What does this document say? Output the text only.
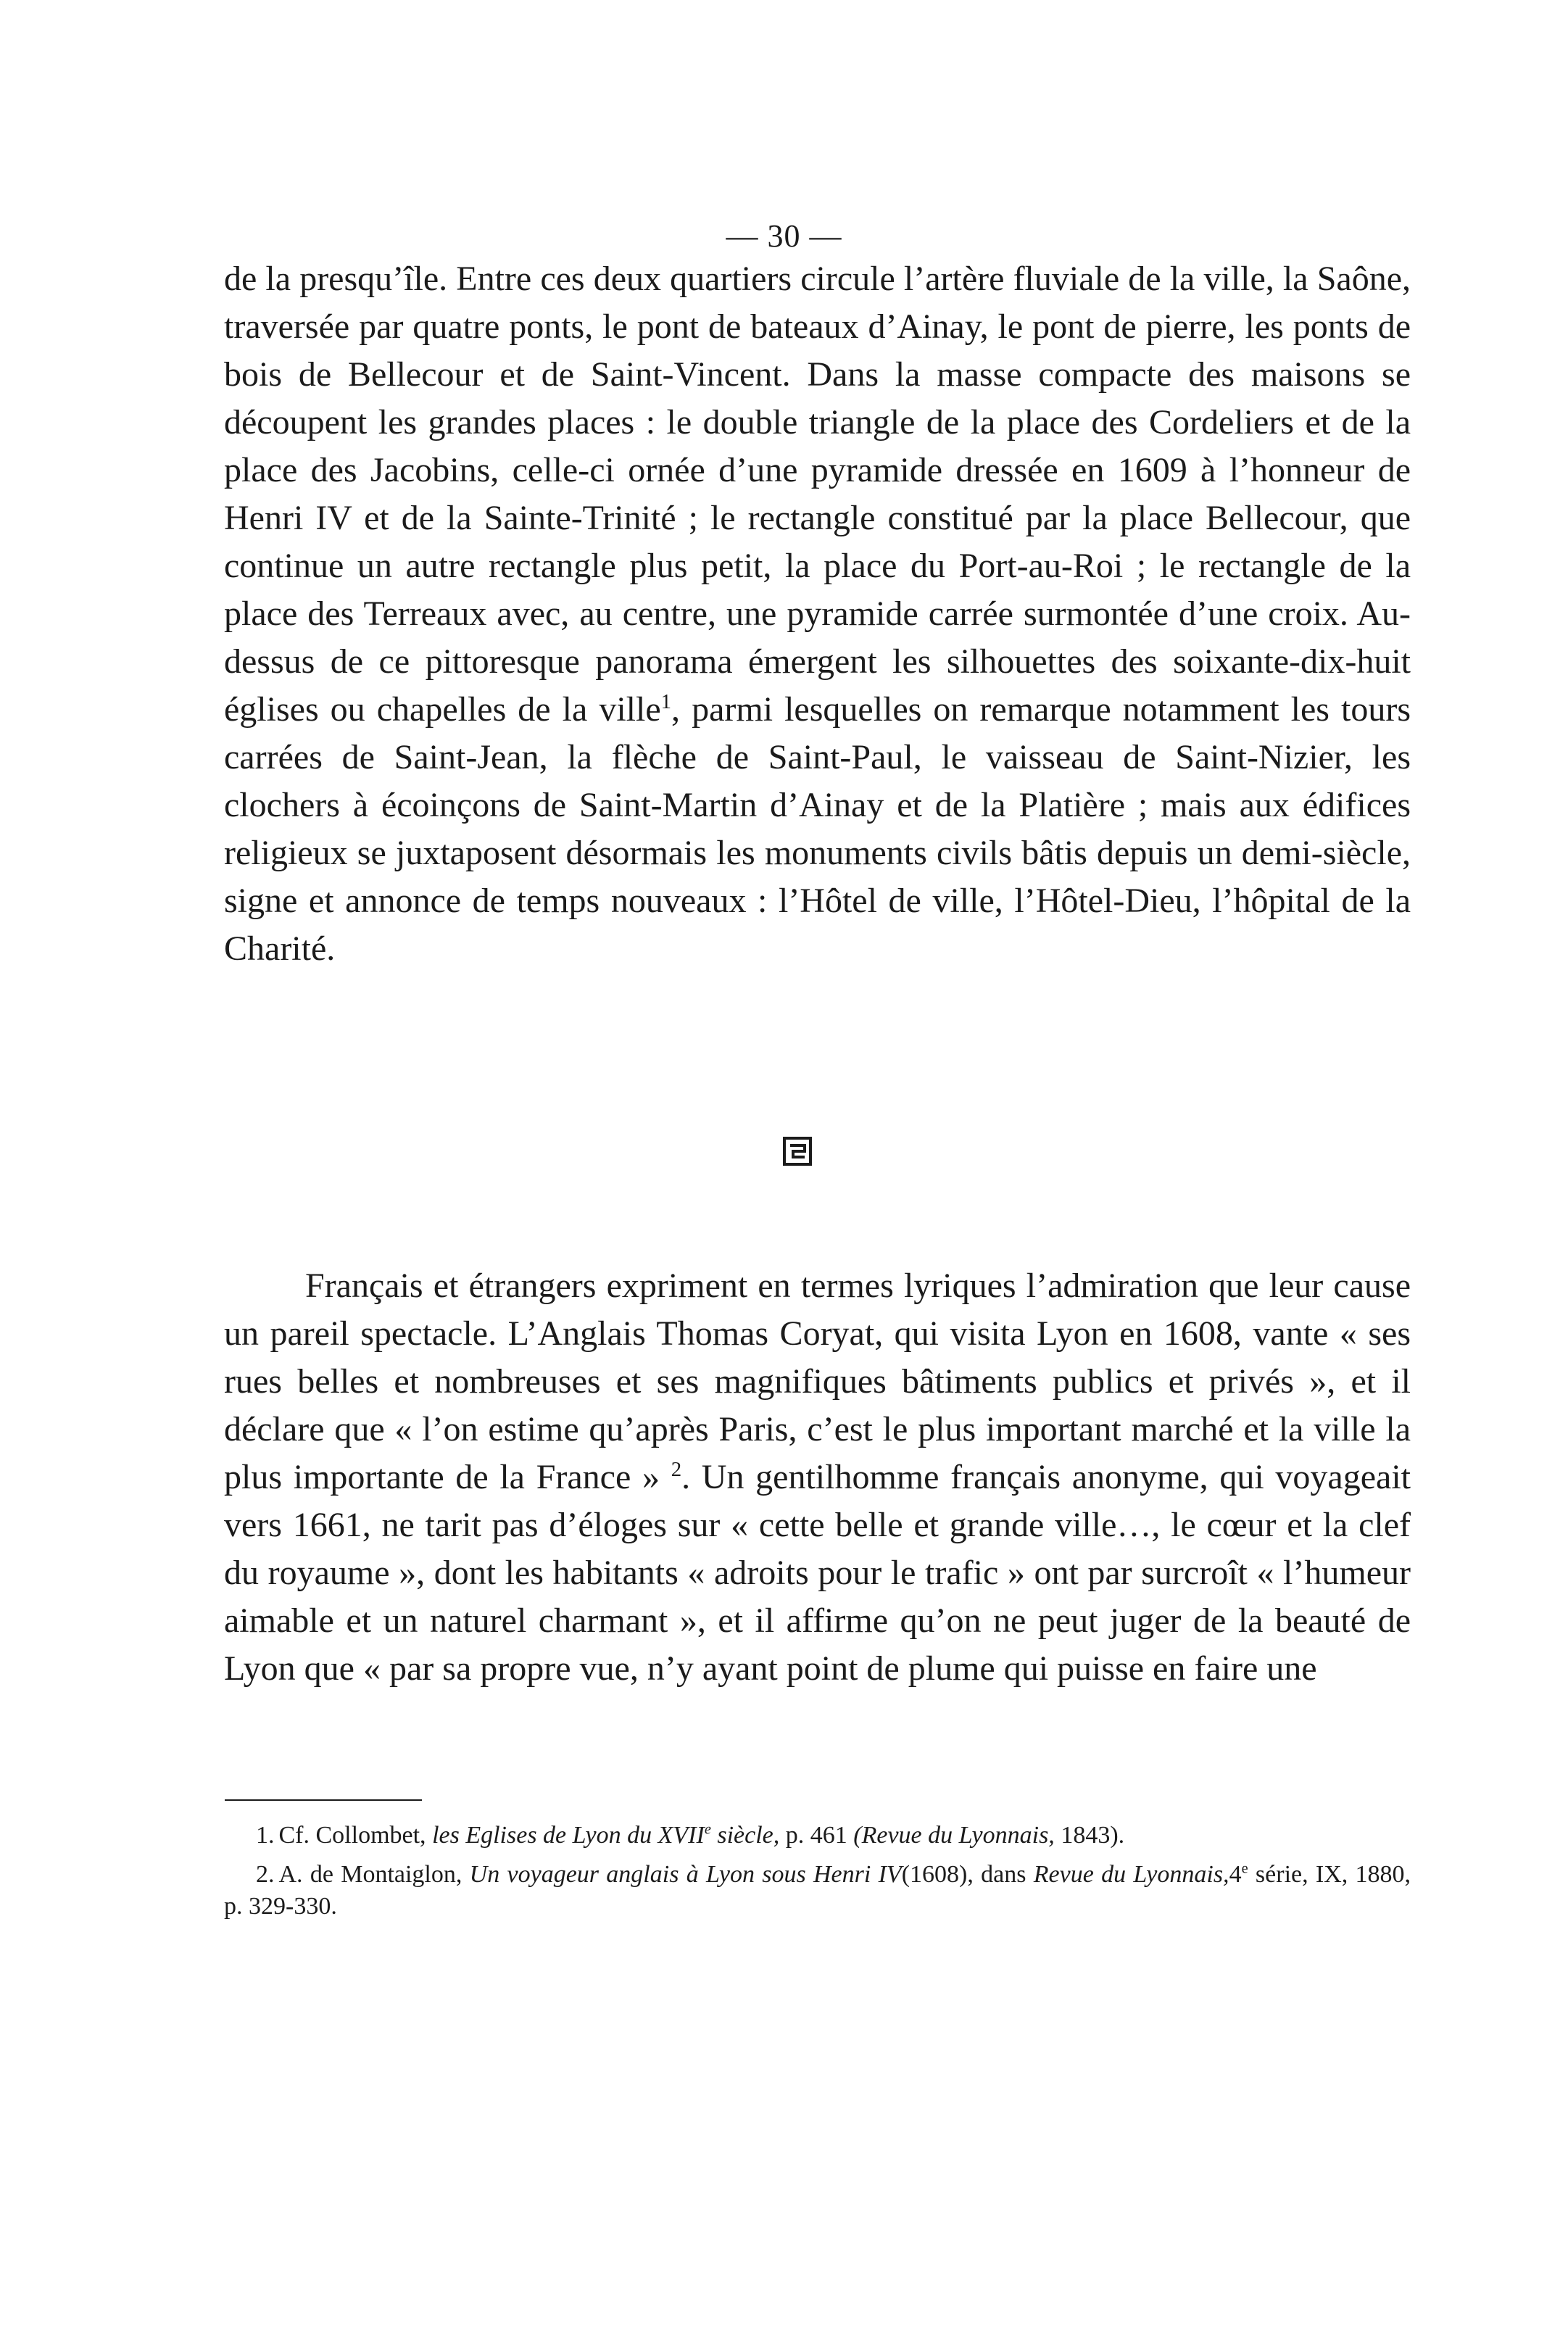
— 30 —
de la presqu’île. Entre ces deux quartiers circule l’artère fluviale de la ville, la Saône, traversée par quatre ponts, le pont de bateaux d’Ainay, le pont de pierre, les ponts de bois de Bellecour et de Saint-Vincent. Dans la masse compacte des maisons se découpent les grandes places : le double triangle de la place des Cordeliers et de la place des Jacobins, celle-ci ornée d’une pyramide dressée en 1609 à l’honneur de Henri IV et de la Sainte-Trinité ; le rectangle constitué par la place Bellecour, que continue un autre rectangle plus petit, la place du Port-au-Roi ; le rectangle de la place des Terreaux avec, au centre, une pyramide carrée surmontée d’une croix. Au-dessus de ce pittoresque panorama émergent les silhouettes des soixante-dix-huit églises ou chapelles de la ville$^1$, parmi lesquelles on remarque notamment les tours carrées de Saint-Jean, la flèche de Saint-Paul, le vaisseau de Saint-Nizier, les clochers à écoinçons de Saint-Martin d’Ainay et de la Platière ; mais aux édifices religieux se juxtaposent désormais les monuments civils bâtis depuis un demi-siècle, signe et annonce de temps nouveaux : l’Hôtel de ville, l’Hôtel-Dieu, l’hôpital de la Charité.
Français et étrangers expriment en termes lyriques l’admiration que leur cause un pareil spectacle. L’Anglais Thomas Coryat, qui visita Lyon en 1608, vante « ses rues belles et nombreuses et ses magnifiques bâtiments publics et privés », et il déclare que « l’on estime qu’après Paris, c’est le plus important marché et la ville la plus importante de la France » $^2$. Un gentilhomme français anonyme, qui voyageait vers 1661, ne tarit pas d’éloges sur « cette belle et grande ville…, le cœur et la clef du royaume », dont les habitants « adroits pour le trafic » ont par surcroît « l’humeur aimable et un naturel charmant », et il affirme qu’on ne peut juger de la beauté de Lyon que « par sa propre vue, n’y ayant point de plume qui puisse en faire une

1. Cf. Collombet, les Eglises de Lyon du XVIIe siècle, p. 461 (Revue du Lyonnais, 1843).

2. A. de Montaiglon, Un voyageur anglais à Lyon sous Henri IV(1608), dans Revue du Lyonnais,4e série, IX, 1880, p. 329-330.
